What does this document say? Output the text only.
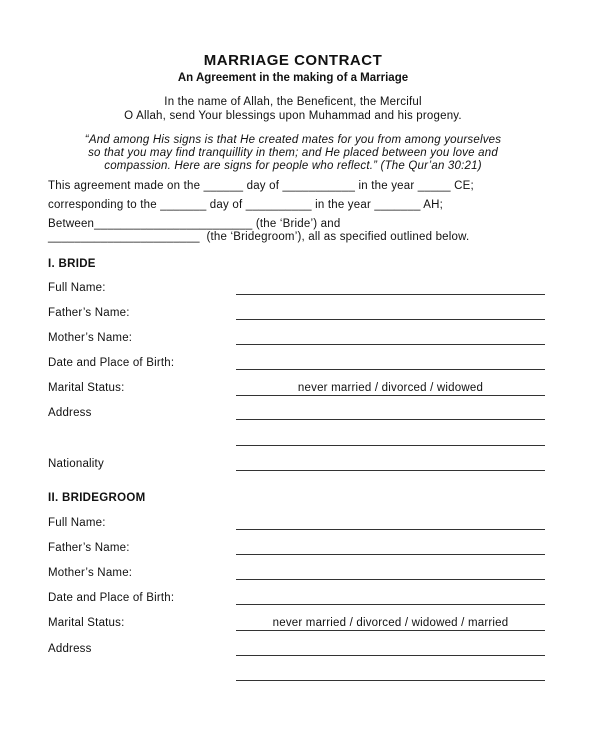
MARRIAGE CONTRACT
An Agreement in the making of a Marriage
In the name of Allah, the Beneficent, the Merciful
O Allah, send Your blessings upon Muhammad and his progeny.
“And among His signs is that He created mates for you from among yourselves
so that you may find tranquillity in them; and He placed between you love and
compassion. Here are signs for people who reflect.” (The Qur’an 30:21)
This agreement made on the ______ day of ___________ in the year _____ CE;
corresponding to the _______ day of __________ in the year _______ AH;
Between________________________ (the ‘Bride’) and
_______________________  (the ‘Bridegroom’), all as specified outlined below.
I. BRIDE
Full Name:
Father’s Name:
Mother’s Name:
Date and Place of Birth:
Marital Status:	never married / divorced / widowed
Address
Nationality
II. BRIDEGROOM
Full Name:
Father’s Name:
Mother’s Name:
Date and Place of Birth:
Marital Status:	never married / divorced / widowed / married
Address
